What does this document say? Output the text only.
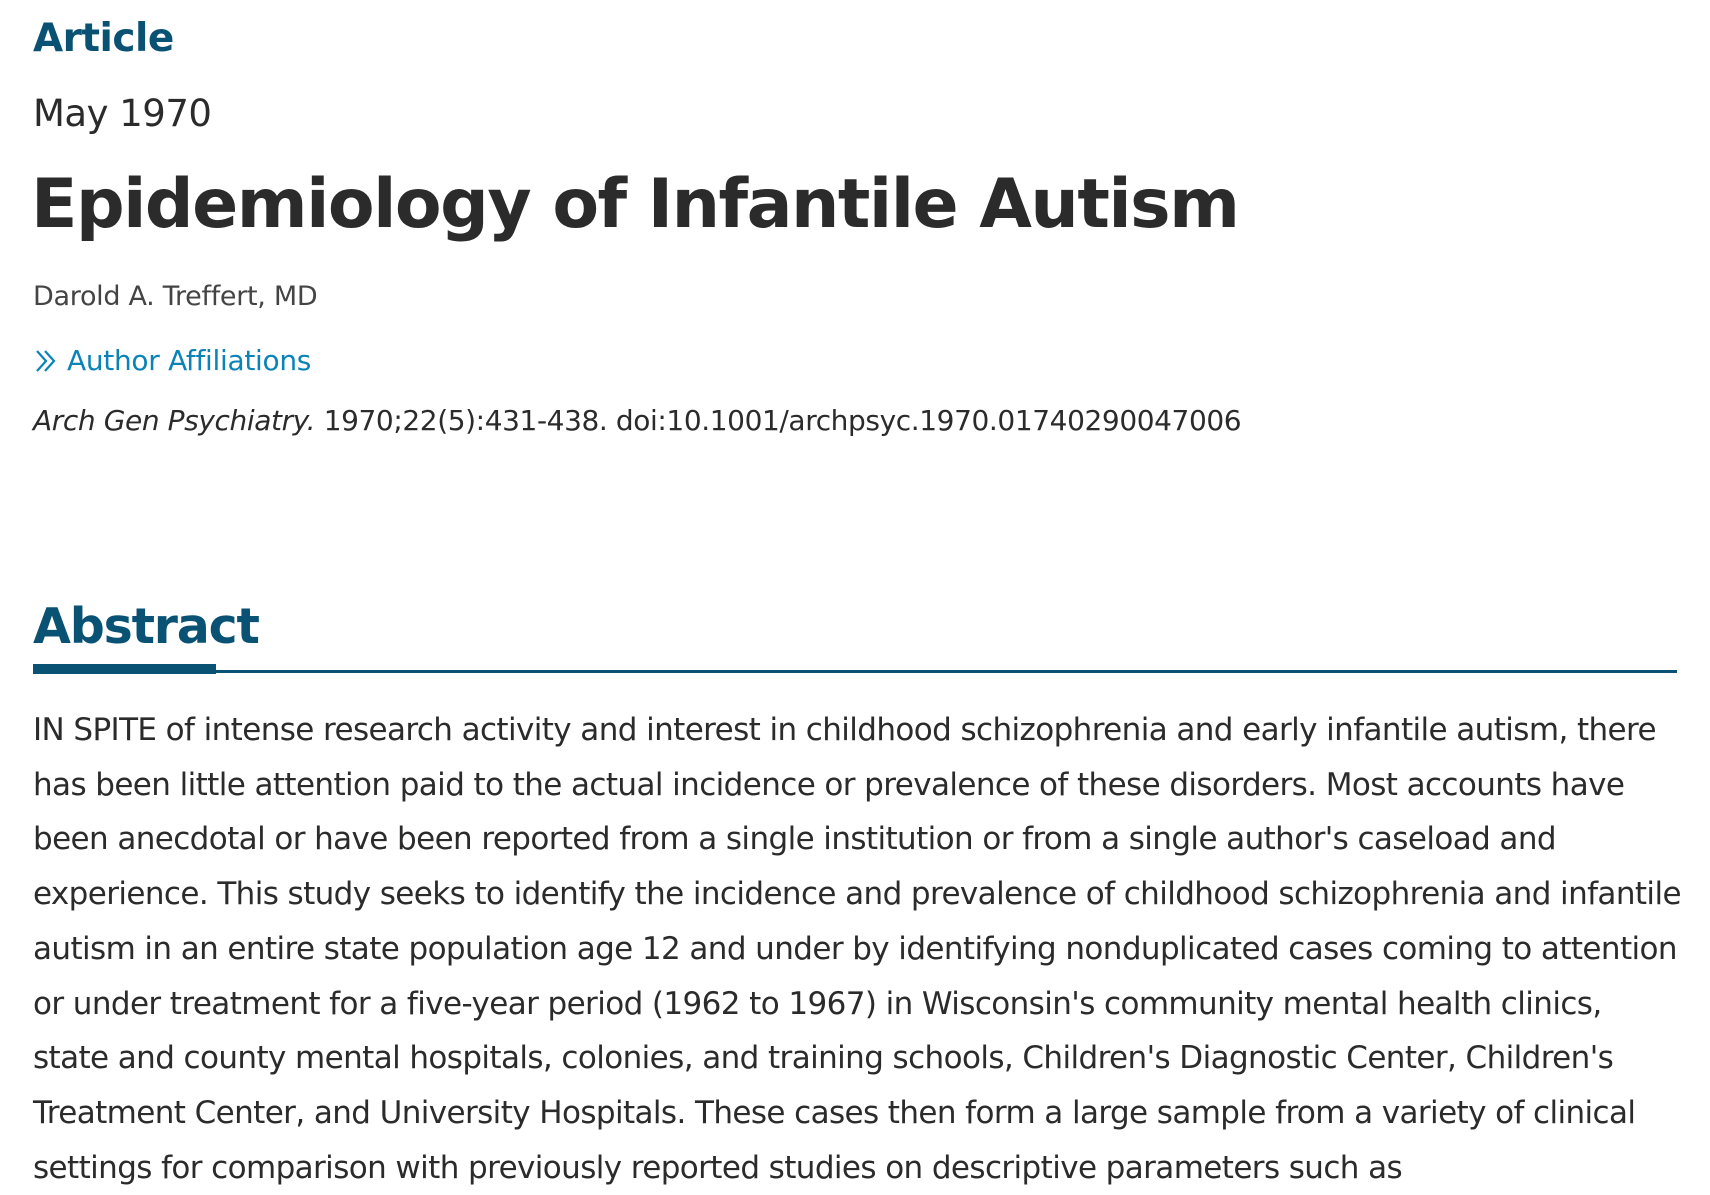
Article
May 1970
Epidemiology of Infantile Autism
Darold A. Treffert, MD
Author Affiliations
Arch Gen Psychiatry. 1970;22(5):431-438. doi:10.1001/archpsyc.1970.01740290047006
Abstract

IN SPITE of intense research activity and interest in childhood schizophrenia and early infantile autism, there has been little attention paid to the actual incidence or prevalence of these disorders. Most accounts have been anecdotal or have been reported from a single institution or from a single author's caseload and experience. This study seeks to identify the incidence and prevalence of childhood schizophrenia and infantile autism in an entire state population age 12 and under by identifying nonduplicated cases coming to attention or under treatment for a five-year period (1962 to 1967) in Wisconsin's community mental health clinics, state and county mental hospitals, colonies, and training schools, Children's Diagnostic Center, Children's Treatment Center, and University Hospitals. These cases then form a large sample from a variety of clinical settings for comparison with previously reported studies on descriptive parameters such as
